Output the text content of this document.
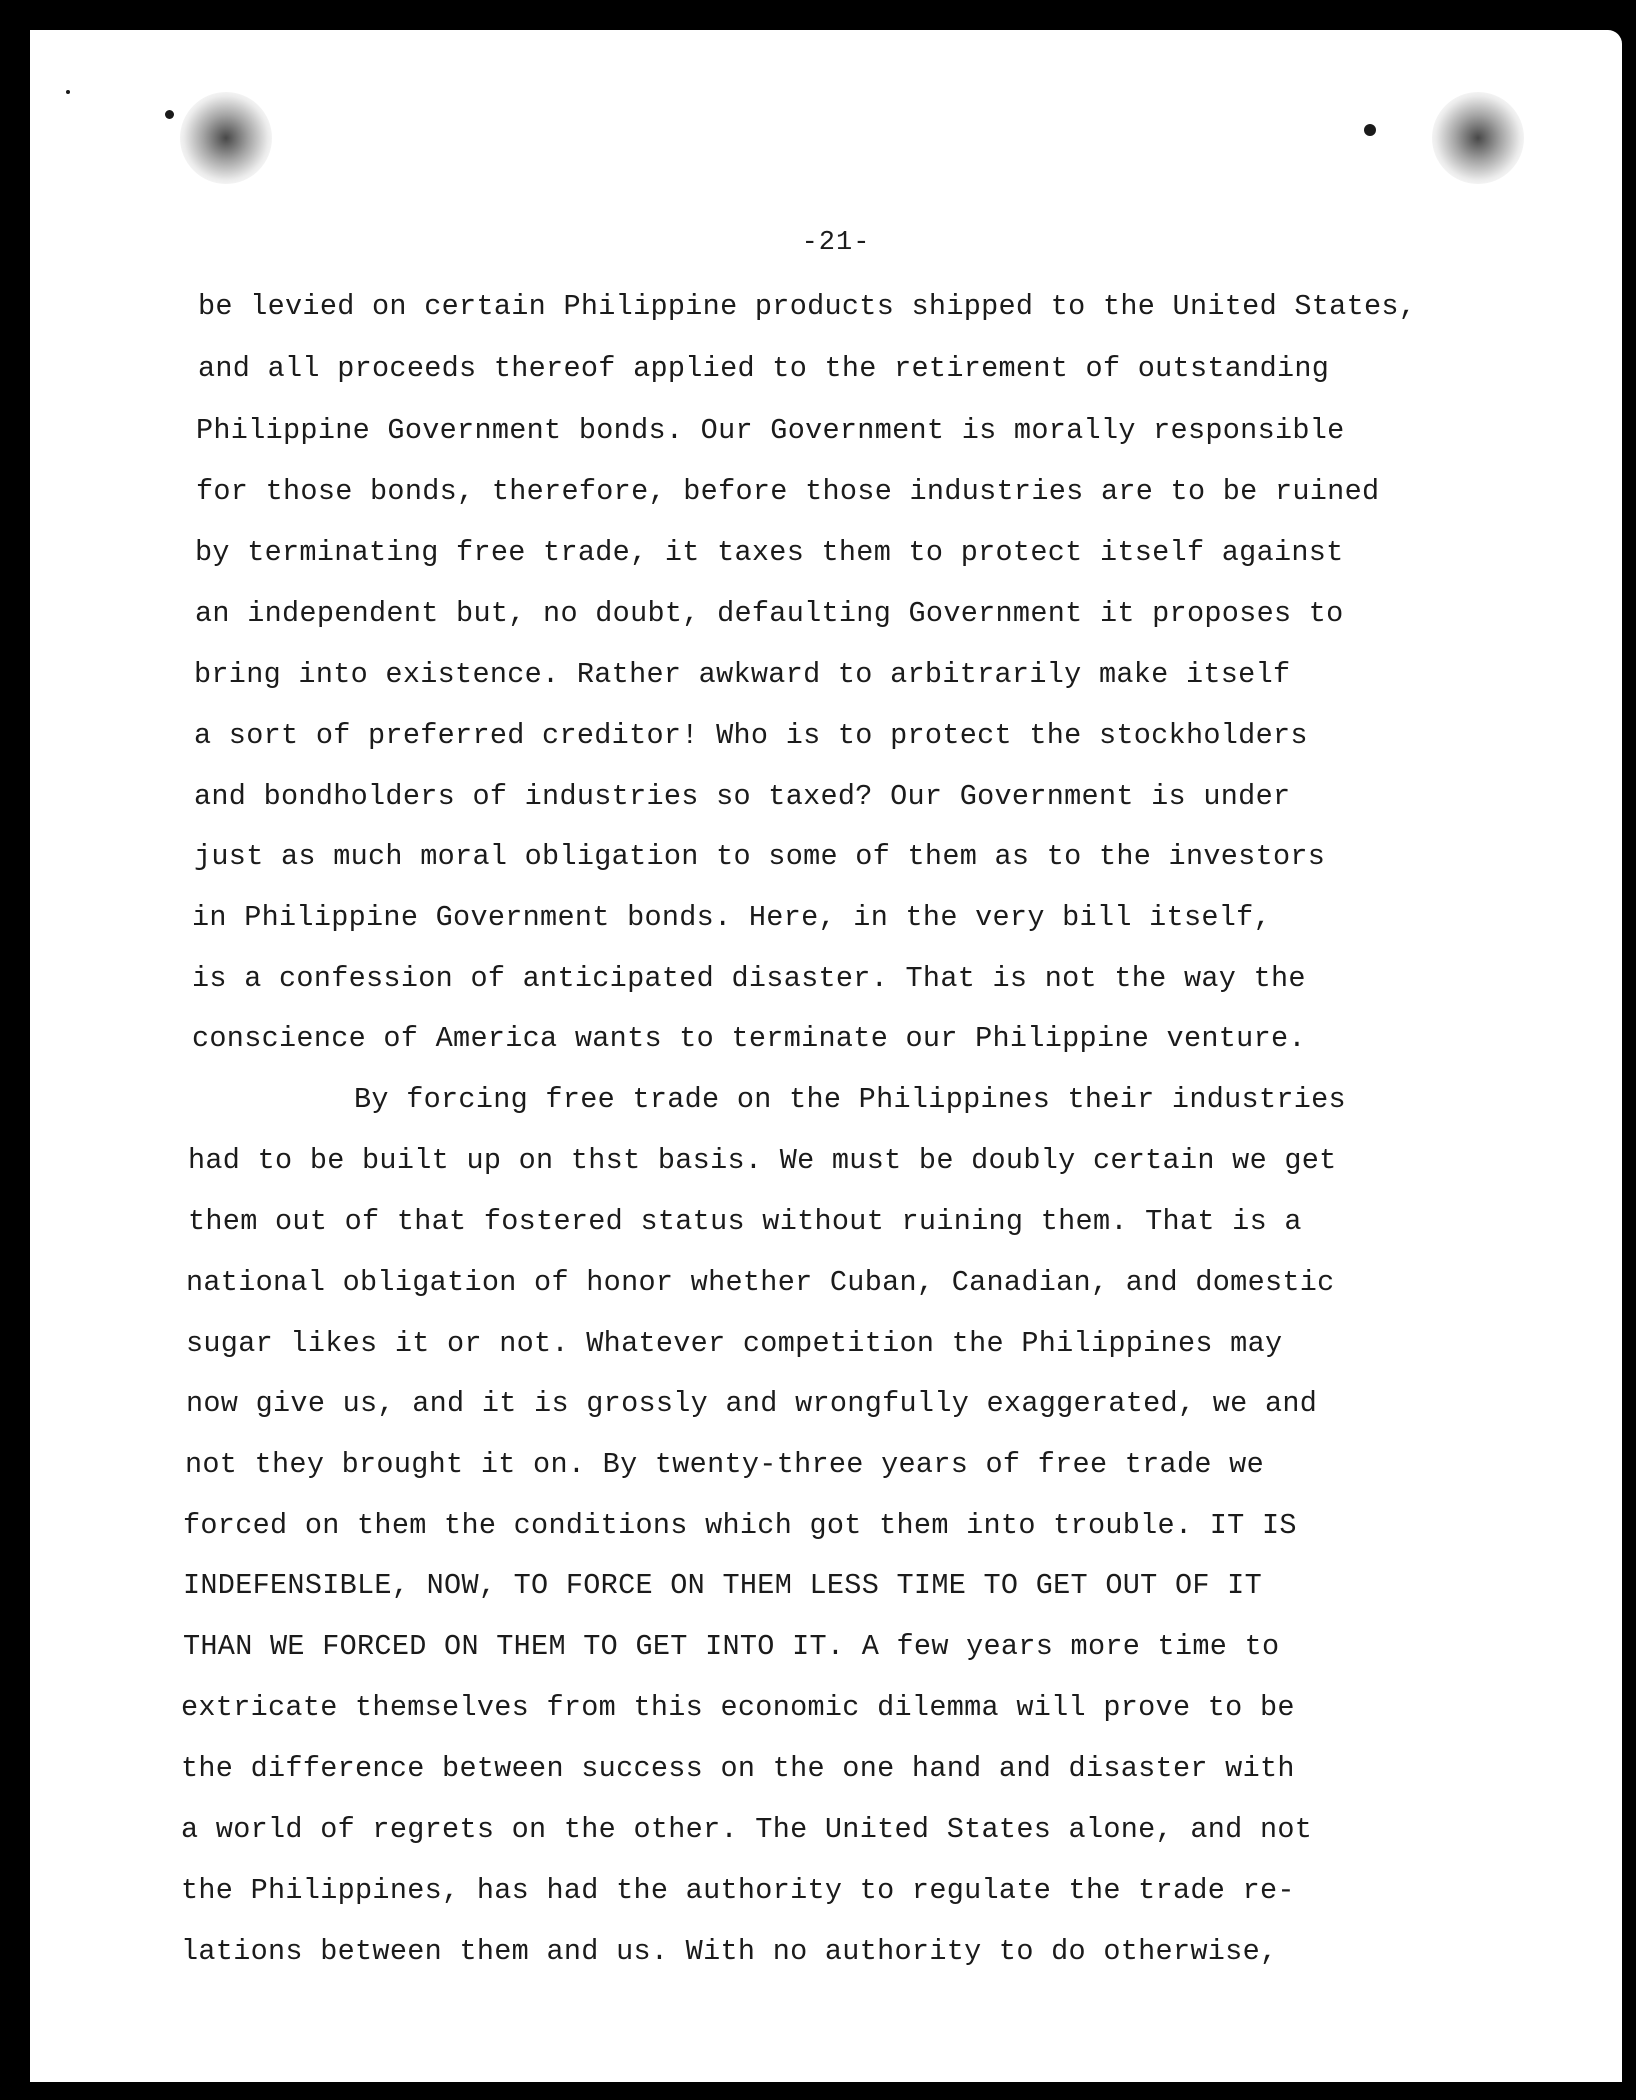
-21-
be levied on certain Philippine products shipped to the United States,
and all proceeds thereof applied to the retirement of outstanding
Philippine Government bonds. Our Government is morally responsible
for those bonds, therefore, before those industries are to be ruined
by terminating free trade, it taxes them to protect itself against
an independent but, no doubt, defaulting Government it proposes to
bring into existence. Rather awkward to arbitrarily make itself
a sort of preferred creditor! Who is to protect the stockholders
and bondholders of industries so taxed? Our Government is under
just as much moral obligation to some of them as to the investors
in Philippine Government bonds. Here, in the very bill itself,
is a confession of anticipated disaster. That is not the way the
conscience of America wants to terminate our Philippine venture.
By forcing free trade on the Philippines their industries
had to be built up on thst basis. We must be doubly certain we get
them out of that fostered status without ruining them. That is a
national obligation of honor whether Cuban, Canadian, and domestic
sugar likes it or not. Whatever competition the Philippines may
now give us, and it is grossly and wrongfully exaggerated, we and
not they brought it on. By twenty-three years of free trade we
forced on them the conditions which got them into trouble. IT IS
INDEFENSIBLE, NOW, TO FORCE ON THEM LESS TIME TO GET OUT OF IT
THAN WE FORCED ON THEM TO GET INTO IT. A few years more time to
extricate themselves from this economic dilemma will prove to be
the difference between success on the one hand and disaster with
a world of regrets on the other. The United States alone, and not
the Philippines, has had the authority to regulate the trade re-
lations between them and us. With no authority to do otherwise,
